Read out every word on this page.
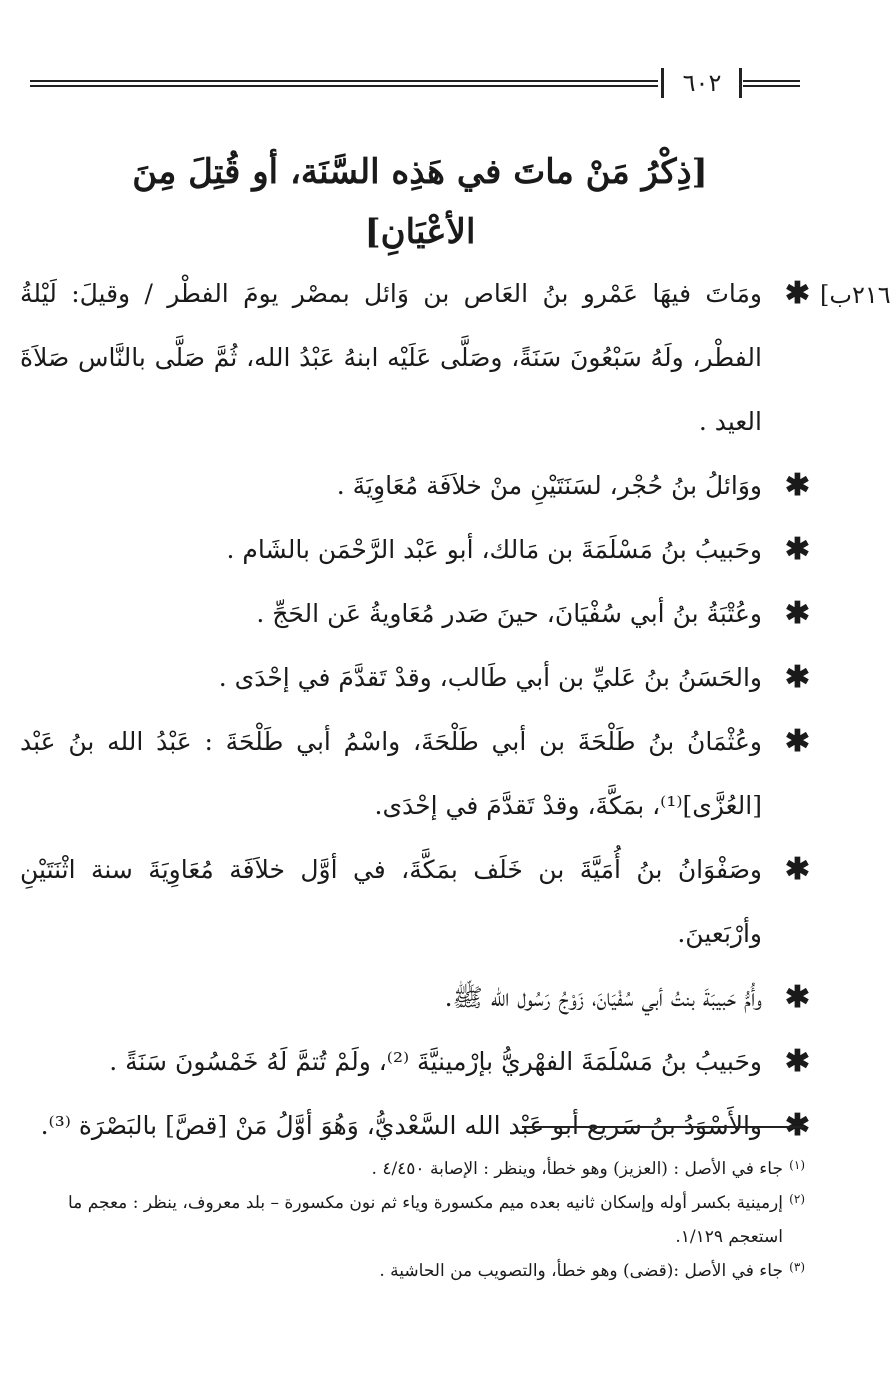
٦٠٢
[ذِكْرُ مَنْ ماتَ في هَذِه السَّنَة، أو قُتِلَ مِنَ الأعْيَانِ]
٢١٦ب]
✱
ومَاتَ فيهَا عَمْرو بنُ العَاص بن وَائل بمصْر يومَ الفطْر / وقيلَ: لَيْلةُ الفطْر، ولَهُ سَبْعُونَ سَنَةً، وصَلَّى عَلَيْه ابنهُ عَبْدُ الله، ثُمَّ صَلَّى بالنَّاس صَلاَةَ العيد .
✱
ووَائلُ بنُ حُجْر، لسَنَتَيْنِ منْ خلاَفَة مُعَاوِيَةَ .
✱
وحَبيبُ بنُ مَسْلَمَةَ بن مَالك، أبو عَبْد الرَّحْمَن بالشَام .
✱
وعُتْبَةُ بنُ أبي سُفْيَانَ، حينَ صَدر مُعَاويةُ عَن الحَجِّ .
✱
والحَسَنُ بنُ عَليِّ بن أبي طَالب، وقدْ تَقدَّمَ في إحْدَى .
✱
وعُثْمَانُ بنُ طَلْحَةَ بن أبي طَلْحَةَ، واسْمُ أبي طَلْحَةَ : عَبْدُ الله بنُ عَبْد [العُزَّى]⁽¹⁾، بمَكَّةَ، وقدْ تَقدَّمَ في إحْدَى.
✱
وصَفْوَانُ بنُ أُمَيَّةَ بن خَلَف بمَكَّةَ، في أوَّل خلاَفَة مُعَاوِيَةَ سنة اثْنَتَيْنِ وأرْبَعينَ.
✱
وأُمُّ حَبيبَةَ بنتُ أبي سُفْيَانَ، زَوْجُ رَسُول الله ﷺ.
✱
وحَبيبُ بنُ مَسْلَمَةَ الفهْريُّ بإرْمينيَّةَ ⁽²⁾، ولَمْ تُتمَّ لَهُ خَمْسُونَ سَنَةً .
✱
والأَسْوَدُ بنُ سَريع أبو عَبْد الله السَّعْديُّ، وَهُوَ أوَّلُ مَنْ [قصَّ] بالبَصْرَة ⁽³⁾.
(١)
جاء في الأصل : (العزيز) وهو خطأ، وينظر : الإصابة ٤/٤٥٠ .
(٢)
إرمينية بكسر أوله وإسكان ثانيه بعده ميم مكسورة وياء ثم نون مكسورة – بلد معروف، ينظر : معجم ما استعجم ١/١٢٩.
(٣)
جاء في الأصل :(قضى) وهو خطأ، والتصويب من الحاشية .
